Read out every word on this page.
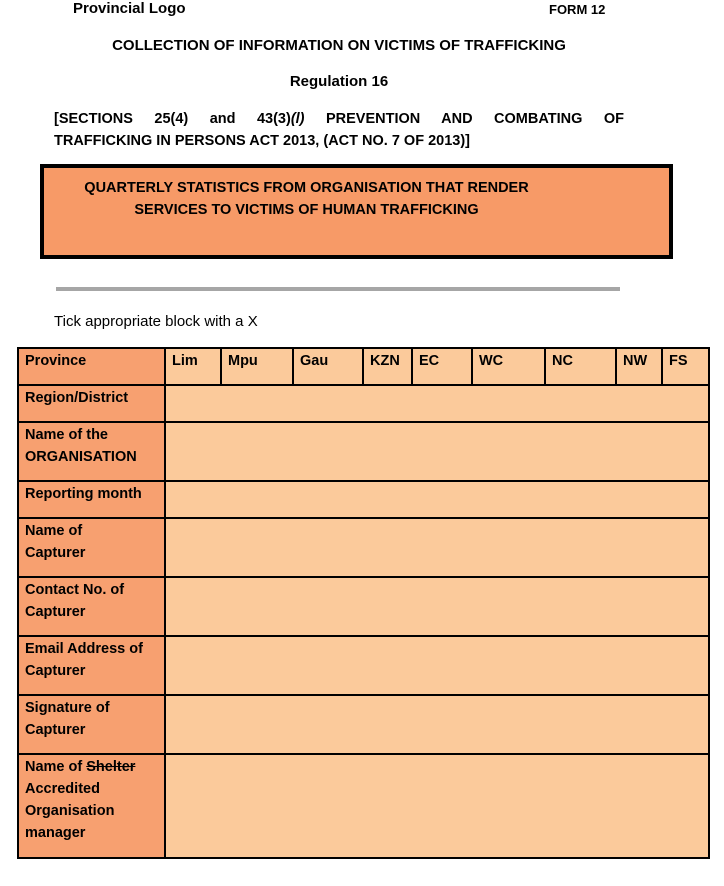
Provincial Logo	FORM 12
COLLECTION OF INFORMATION ON VICTIMS OF TRAFFICKING
Regulation 16
[SECTIONS 25(4) and 43(3)(l) PREVENTION AND COMBATING OF
TRAFFICKING IN PERSONS ACT 2013, (ACT NO. 7 OF 2013)]
QUARTERLY STATISTICS FROM ORGANISATION THAT RENDER
SERVICES TO VICTIMS OF HUMAN TRAFFICKING
Tick appropriate block with a X
Province	Lim	Mpu	Gau	KZN	EC	WC	NC	NW	FS
Region/District									

Name of the
ORGANISATION									

Reporting month									

Name of
Capturer									

Contact No. of
Capturer									

Email Address of
Capturer									

Signature of
Capturer									

Name of Shelter
Accredited
Organisation
manager									
